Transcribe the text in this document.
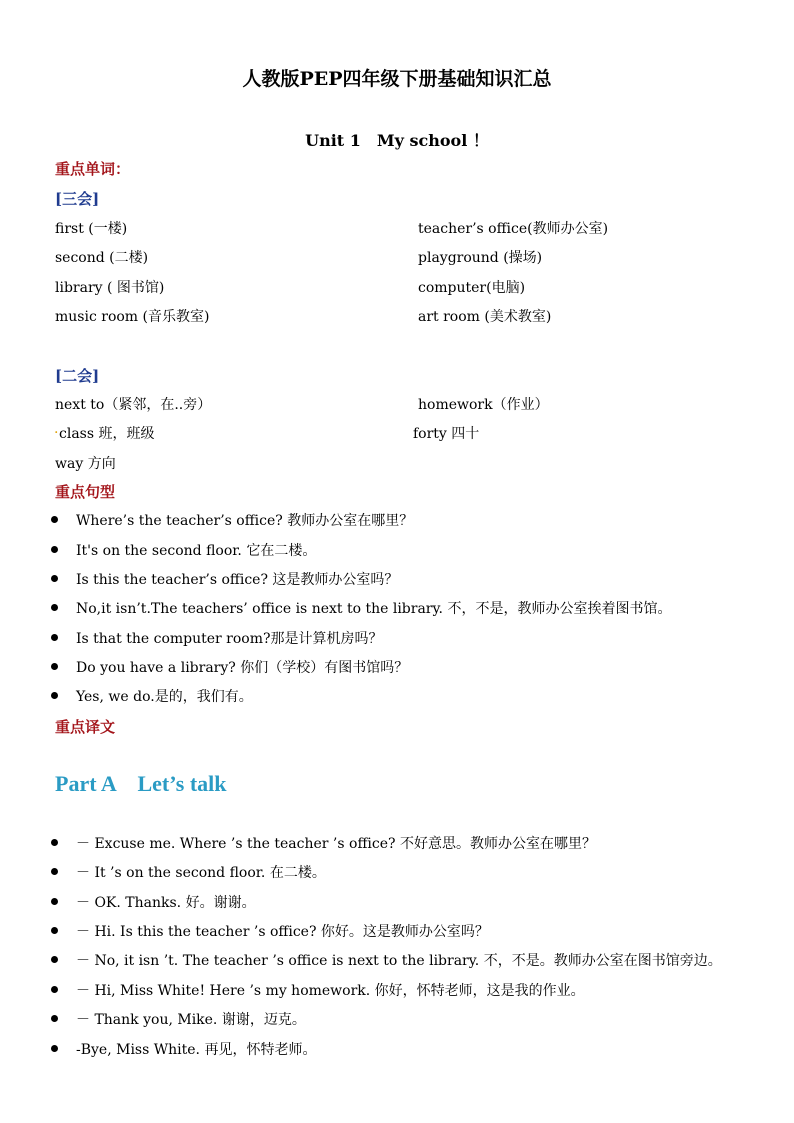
人教版PEP四年级下册基础知识汇总
Unit 1　My school ！
重点单词：
[三会]
first (一楼)	teacher’s office(教师办公室)
second (二楼)	playground (操场)
library ( 图书馆)	computer(电脑)
music room (音乐教室)	art room (美术教室)
[二会]
next to（紧邻，在..旁）	homework（作业）
. class 班，班级	forty 四十
way 方向
重点句型
Where’s the teacher’s office? 教师办公室在哪里？
It's on the second floor. 它在二楼。
Is this the teacher’s office? 这是教师办公室吗？
No,it isn’t.The teachers’ office is next to the library. 不，不是，教师办公室挨着图书馆。
Is that the computer room?那是计算机房吗？
Do you have a library? 你们（学校）有图书馆吗？
Yes, we do.是的，我们有。
重点译文
Part A　Let’s talk
－ Excuse me. Where ’s the teacher ’s office? 不好意思。教师办公室在哪里？
－ It ’s on the second floor. 在二楼。
－ OK. Thanks. 好。谢谢。
－ Hi. Is this the teacher ’s office? 你好。这是教师办公室吗？
－ No, it isn ’t. The teacher ’s office is next to the library. 不，不是。教师办公室在图书馆旁边。
－ Hi, Miss White! Here ’s my homework. 你好，怀特老师，这是我的作业。
－ Thank you, Mike. 谢谢，迈克。
-Bye, Miss White. 再见，怀特老师。
